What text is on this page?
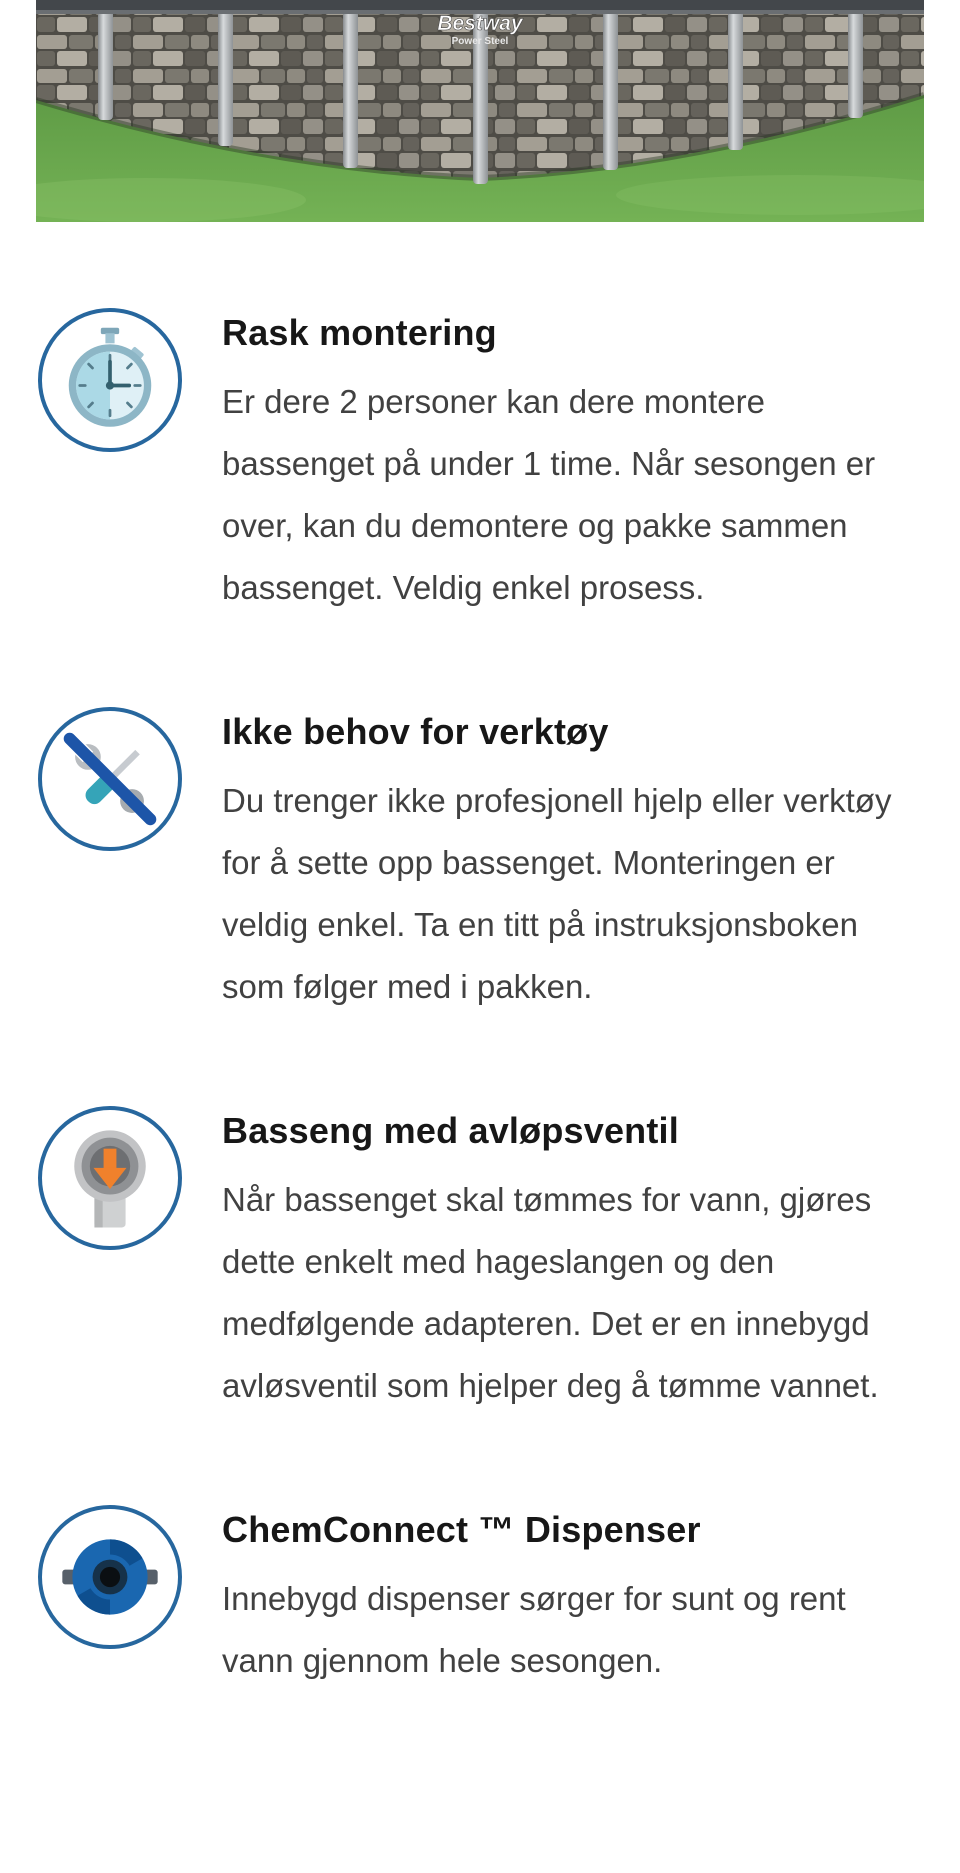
Bestway
Power Steel
Rask montering
Er dere 2 personer kan dere montere bassenget på under 1 time. Når sesongen er over, kan du demontere og pakke sammen bassenget. Veldig enkel prosess.
Ikke behov for verktøy
Du trenger ikke profesjonell hjelp eller verktøy for å sette opp bassenget. Monteringen er veldig enkel. Ta en titt på instruksjonsboken som følger med i pakken.
Basseng med avløpsventil
Når bassenget skal tømmes for vann, gjøres dette enkelt med hageslangen og den medfølgende adapteren. Det er en innebygd avløsventil som hjelper deg å tømme vannet.
ChemConnect ™ Dispenser
Innebygd dispenser sørger for sunt og rent vann gjennom hele sesongen.
